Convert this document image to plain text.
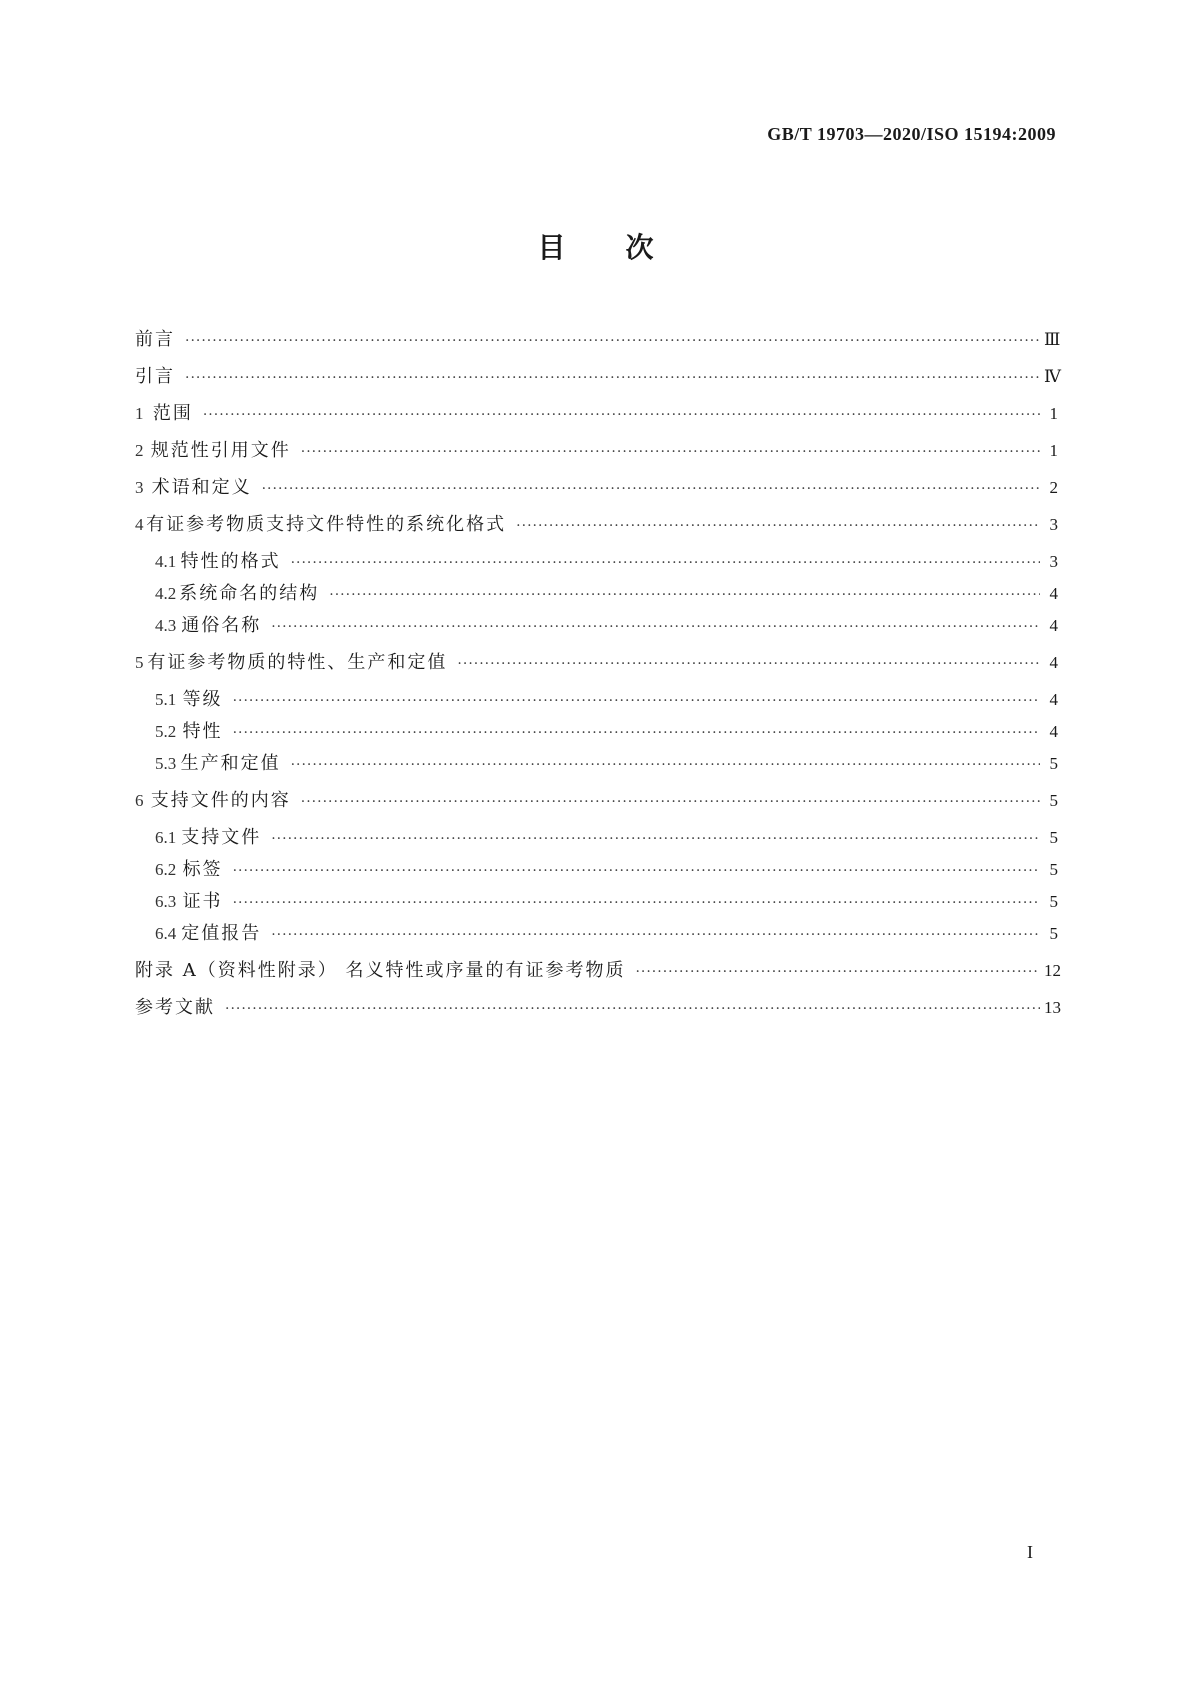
GB/T 19703—2020/ISO 15194:2009
目次
前言 ·····	Ⅲ
引言 ·····	Ⅳ
1 范围 ·····	1
2 规范性引用文件 ·····	1
3 术语和定义 ·····	2
4 有证参考物质支持文件特性的系统化格式 ·····	3
4.1 特性的格式 ·····	3
4.2 系统命名的结构 ·····	4
4.3 通俗名称 ·····	4
5 有证参考物质的特性、生产和定值 ·····	4
5.1 等级 ·····	4
5.2 特性 ·····	4
5.3 生产和定值 ·····	5
6 支持文件的内容 ·····	5
6.1 支持文件 ·····	5
6.2 标签 ·····	5
6.3 证书 ·····	5
6.4 定值报告 ·····	5
附录 A（资料性附录） 名义特性或序量的有证参考物质 ·····	12
参考文献 ·····	13
I
